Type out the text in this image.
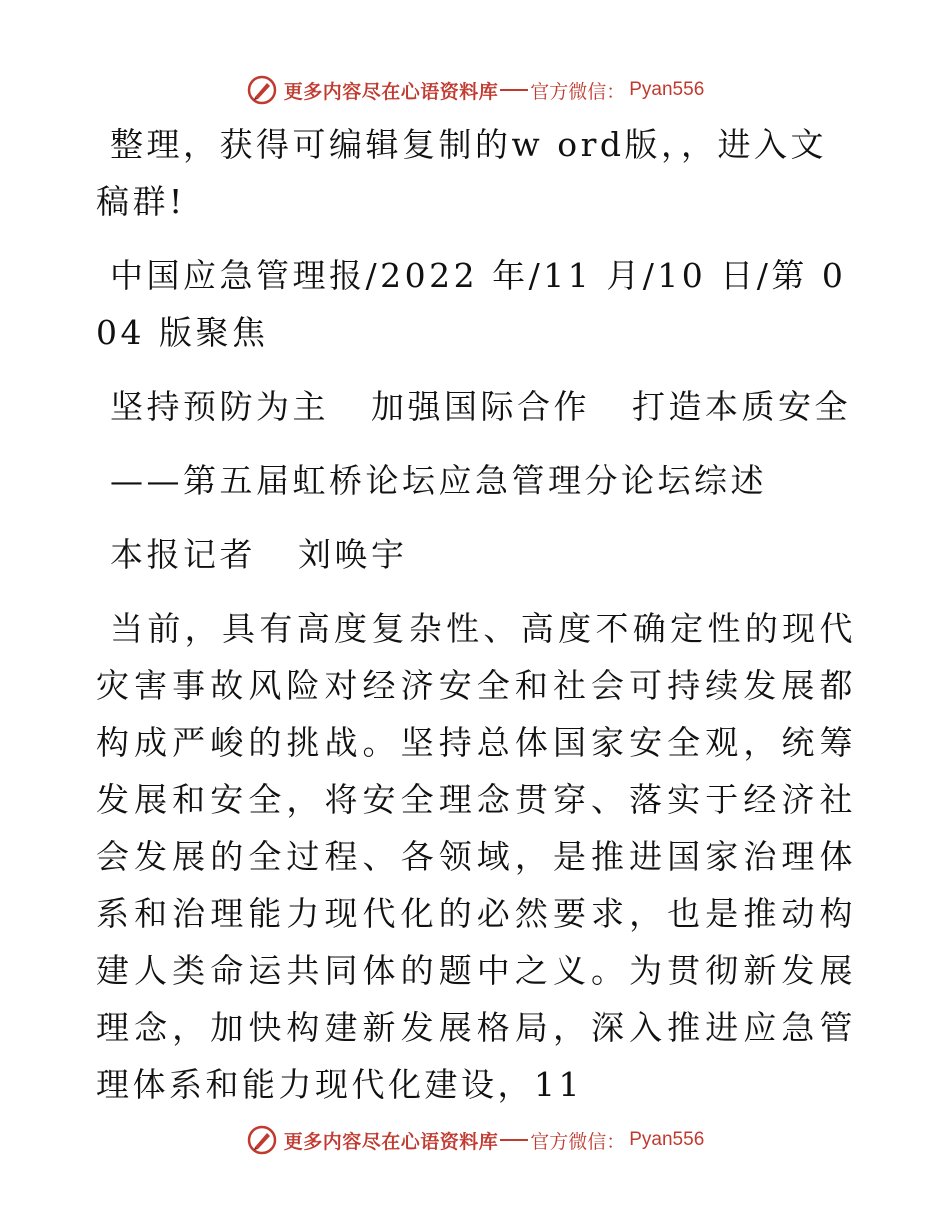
更多内容尽在心语资料库 官方微信： Pyan556

整理，获得可编辑复制的w ord版，，进入文稿群!

中国应急管理报/2022 年/11 月/10 日/第 004 版聚焦

坚持预防为主   加强国际合作   打造本质安全

——第五届虹桥论坛应急管理分论坛综述

本报记者   刘唤宇

当前，具有高度复杂性、高度不确定性的现代灾害事故风险对经济安全和社会可持续发展都构成严峻的挑战。坚持总体国家安全观，统筹发展和安全，将安全理念贯穿、落实于经济社会发展的全过程、各领域，是推进国家治理体系和治理能力现代化的必然要求，也是推动构建人类命运共同体的题中之义。为贯彻新发展理念，加快构建新发展格局，深入推进应急管理体系和能力现代化建设，11

更多内容尽在心语资料库 官方微信： Pyan556
